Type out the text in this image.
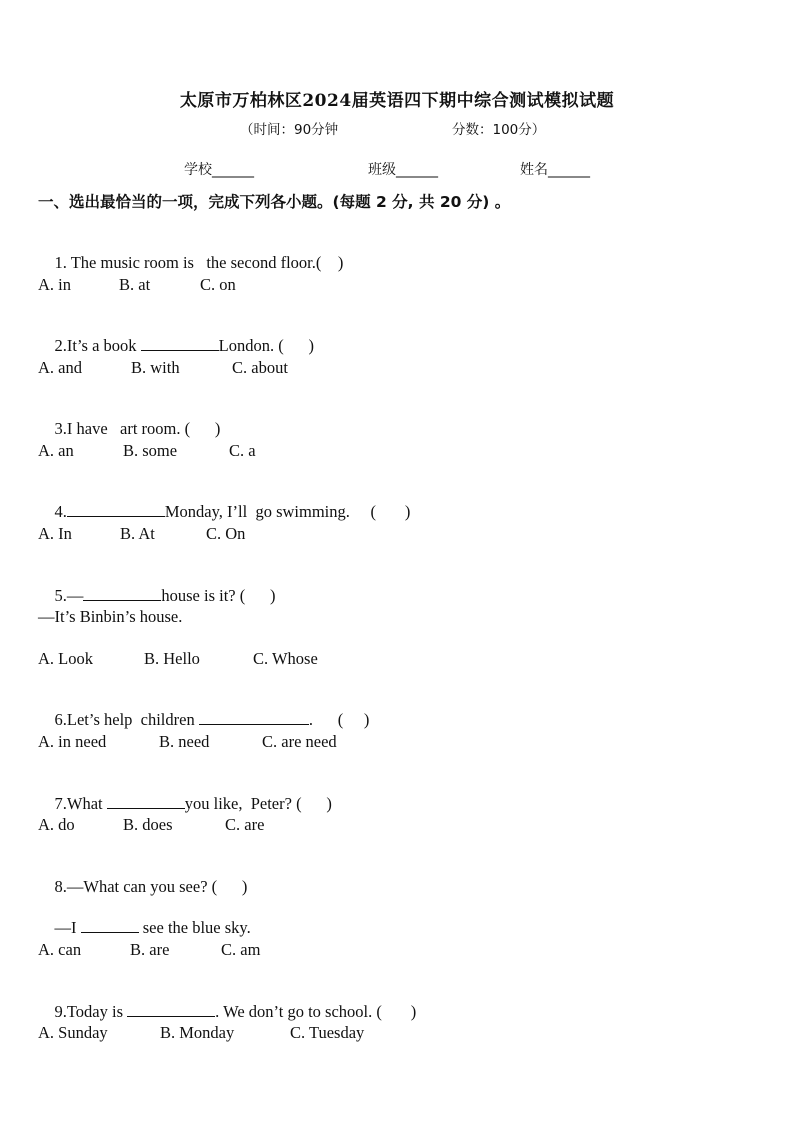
太原市万柏林区2024届英语四下期中综合测试模拟试题
（时间：90分钟	分数：100分）
学校______	班级______	姓名______
一、选出最恰当的一项，完成下列各小题。(每题 2 分, 共 20 分) 。

1. The music room is   the second floor.(    )

A. in	B. at	C. on

2.It’s a book	London. (      )

A. and	B. with	C. about

3.I have   art room. (      )

A. an	B. some	C. a

4.	Monday, I’ll  go swimming.     (       )

A. In	B. At	C. On

5.—	house is it? (      )

—It’s Binbin’s house.
A. Look	B. Hello	C. Whose

6.Let’s help  children	.      (     )

A. in need	B. need	C. are need

7.What	you like,  Peter? (      )

A. do	B. does	C. are

8.—What can you see? (      )

—I	see the blue sky.

A. can	B. are	C. am

9.Today is	. We don’t go to school. (       )

A. Sunday	B. Monday	C. Tuesday
